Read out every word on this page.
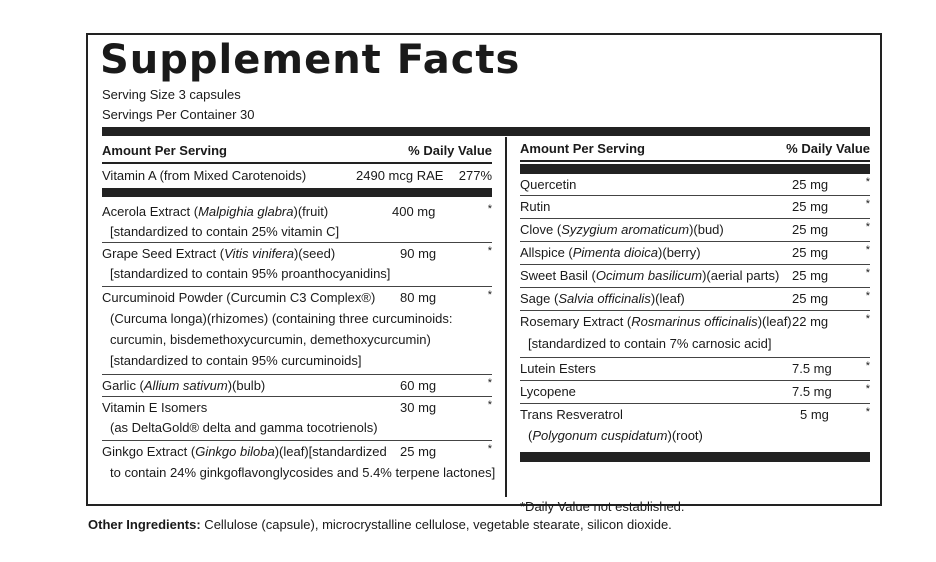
Supplement Facts
Serving Size 3 capsules
Servings Per Container 30
Amount Per Serving	% Daily Value
Vitamin A (from Mixed Carotenoids)	2490 mcg RAE 277%
Acerola Extract (Malpighia glabra)(fruit)
[standardized to contain 25% vitamin C]
400 mg	*
Grape Seed Extract (Vitis vinifera)(seed)
[standardized to contain 95% proanthocyanidins]
90 mg	*
Curcuminoid Powder (Curcumin C3 Complex®)
(Curcuma longa)(rhizomes) (containing three curcuminoids:
curcumin, bisdemethoxycurcumin, demethoxycurcumin)
[standardized to contain 95% curcuminoids]
80 mg	*
Garlic (Allium sativum)(bulb)	60 mg	*
Vitamin E Isomers
(as DeltaGold® delta and gamma tocotrienols)
30 mg	*
Ginkgo Extract (Ginkgo biloba)(leaf)[standardized
to contain 24% ginkgoflavonglycosides and 5.4% terpene lactones]
25 mg	*
Amount Per Serving	% Daily Value
Quercetin	25 mg	*
Rutin	25 mg	*
Clove (Syzygium aromaticum)(bud)	25 mg	*
Allspice (Pimenta dioica)(berry)	25 mg	*
Sweet Basil (Ocimum basilicum)(aerial parts) 25 mg	*
Sage (Salvia officinalis)(leaf)	25 mg	*
Rosemary Extract (Rosmarinus officinalis)(leaf)
[standardized to contain 7% carnosic acid]
22 mg	*
Lutein Esters	7.5 mg	*
Lycopene	7.5 mg	*
Trans Resveratrol
(Polygonum cuspidatum)(root)
5 mg	*
*Daily Value not established.
Other Ingredients: Cellulose (capsule), microcrystalline cellulose, vegetable stearate, silicon dioxide.
